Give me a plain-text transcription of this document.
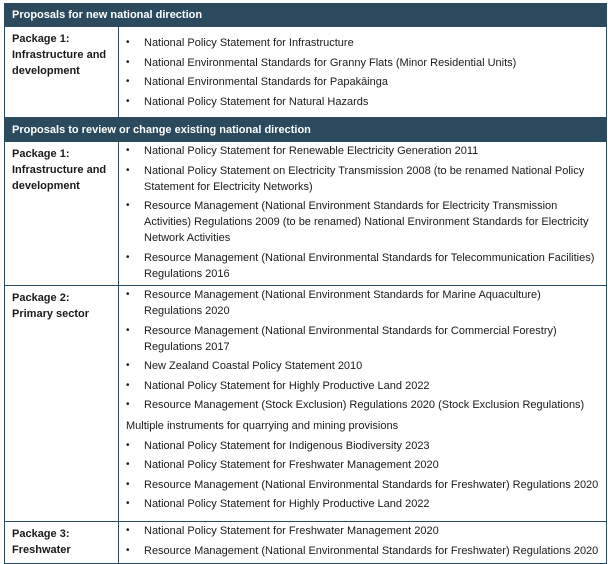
Proposals for new national direction
Package 1:
Infrastructure and
development
• National Policy Statement for Infrastructure
• National Environmental Standards for Granny Flats (Minor Residential Units)
• National Environmental Standards for Papakāinga
• National Policy Statement for Natural Hazards
Proposals to review or change existing national direction
Package 1:
Infrastructure and
development
• National Policy Statement for Renewable Electricity Generation 2011
• National Policy Statement on Electricity Transmission 2008 (to be renamed National Policy Statement for Electricity Networks)
• Resource Management (National Environment Standards for Electricity Transmission Activities) Regulations 2009 (to be renamed) National Environment Standards for Electricity Network Activities
• Resource Management (National Environmental Standards for Telecommunication Facilities) Regulations 2016
Package 2:
Primary sector
• Resource Management (National Environment Standards for Marine Aquaculture) Regulations 2020
• Resource Management (National Environmental Standards for Commercial Forestry) Regulations 2017
• New Zealand Coastal Policy Statement 2010
• National Policy Statement for Highly Productive Land 2022
• Resource Management (Stock Exclusion) Regulations 2020 (Stock Exclusion Regulations)
Multiple instruments for quarrying and mining provisions
• National Policy Statement for Indigenous Biodiversity 2023
• National Policy Statement for Freshwater Management 2020
• Resource Management (National Environmental Standards for Freshwater) Regulations 2020
• National Policy Statement for Highly Productive Land 2022
Package 3:
Freshwater
• National Policy Statement for Freshwater Management 2020
• Resource Management (National Environmental Standards for Freshwater) Regulations 2020
